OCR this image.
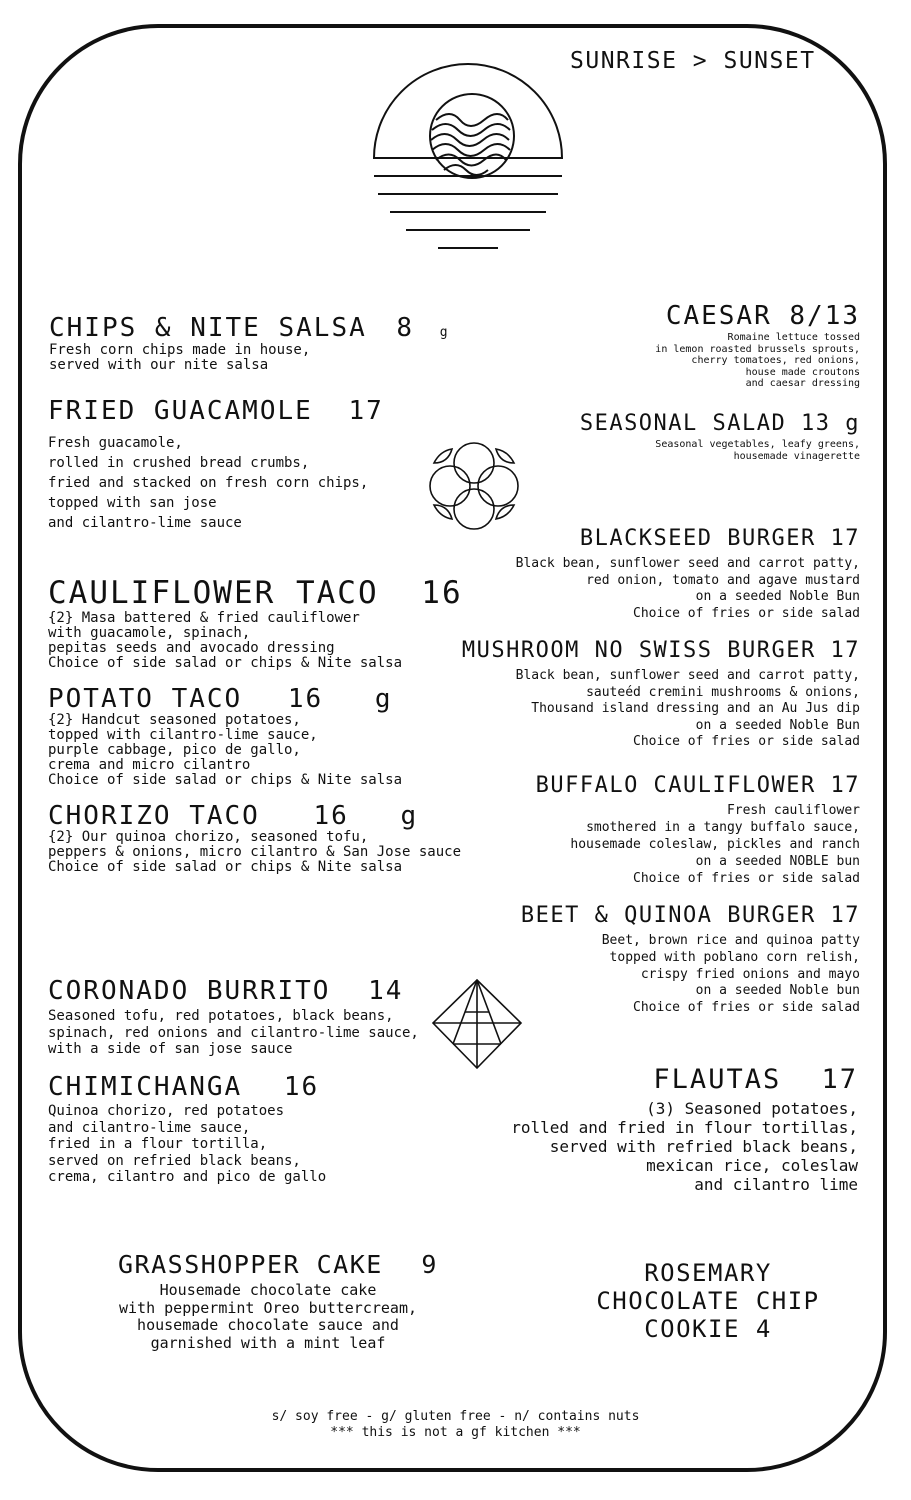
SUNRISE > SUNSET
CHIPS & NITE SALSA 8 g
Fresh corn chips made in house,
served with our nite salsa
FRIED GUACAMOLE 17
Fresh guacamole,
rolled in crushed bread crumbs,
fried and stacked on fresh corn chips,
topped with san jose
and cilantro-lime sauce
CAULIFLOWER TACO 16
{2} Masa battered & fried cauliflower
with guacamole, spinach,
pepitas seeds and avocado dressing
Choice of side salad or chips & Nite salsa
POTATO TACO 16 g
{2} Handcut seasoned potatoes,
topped with cilantro-lime sauce,
purple cabbage, pico de gallo,
crema and micro cilantro
Choice of side salad or chips & Nite salsa
CHORIZO TACO 16 g
{2} Our quinoa chorizo, seasoned tofu,
peppers & onions, micro cilantro & San Jose sauce
Choice of side salad or chips & Nite salsa
CORONADO BURRITO 14
Seasoned tofu, red potatoes, black beans,
spinach, red onions and cilantro-lime sauce,
with a side of san jose sauce
CHIMICHANGA 16
Quinoa chorizo, red potatoes
and cilantro-lime sauce,
fried in a flour tortilla,
served on refried black beans,
crema, cilantro and pico de gallo
CAESAR 8/13
Romaine lettuce tossed
in lemon roasted brussels sprouts,
cherry tomatoes, red onions,
house made croutons
and caesar dressing
SEASONAL SALAD 13 g
Seasonal vegetables, leafy greens,
housemade vinagerette
BLACKSEED BURGER 17
Black bean, sunflower seed and carrot patty,
red onion, tomato and agave mustard
on a seeded Noble Bun
Choice of fries or side salad
MUSHROOM NO SWISS BURGER 17
Black bean, sunflower seed and carrot patty,
sauteéd cremini mushrooms & onions,
Thousand island dressing and an Au Jus dip
on a seeded Noble Bun
Choice of fries or side salad
BUFFALO CAULIFLOWER 17
Fresh cauliflower
smothered in a tangy buffalo sauce,
housemade coleslaw, pickles and ranch
on a seeded NOBLE bun
Choice of fries or side salad
BEET & QUINOA BURGER 17
Beet, brown rice and quinoa patty
topped with poblano corn relish,
crispy fried onions and mayo
on a seeded Noble bun
Choice of fries or side salad
FLAUTAS 17
(3) Seasoned potatoes,
rolled and fried in flour tortillas,
served with refried black beans,
mexican rice, coleslaw
and cilantro lime
GRASSHOPPER CAKE 9
Housemade chocolate cake
with peppermint Oreo buttercream,
housemade chocolate sauce and
garnished with a mint leaf
ROSEMARY
CHOCOLATE CHIP
COOKIE 4
s/ soy free - g/ gluten free - n/ contains nuts
*** this is not a gf kitchen ***
